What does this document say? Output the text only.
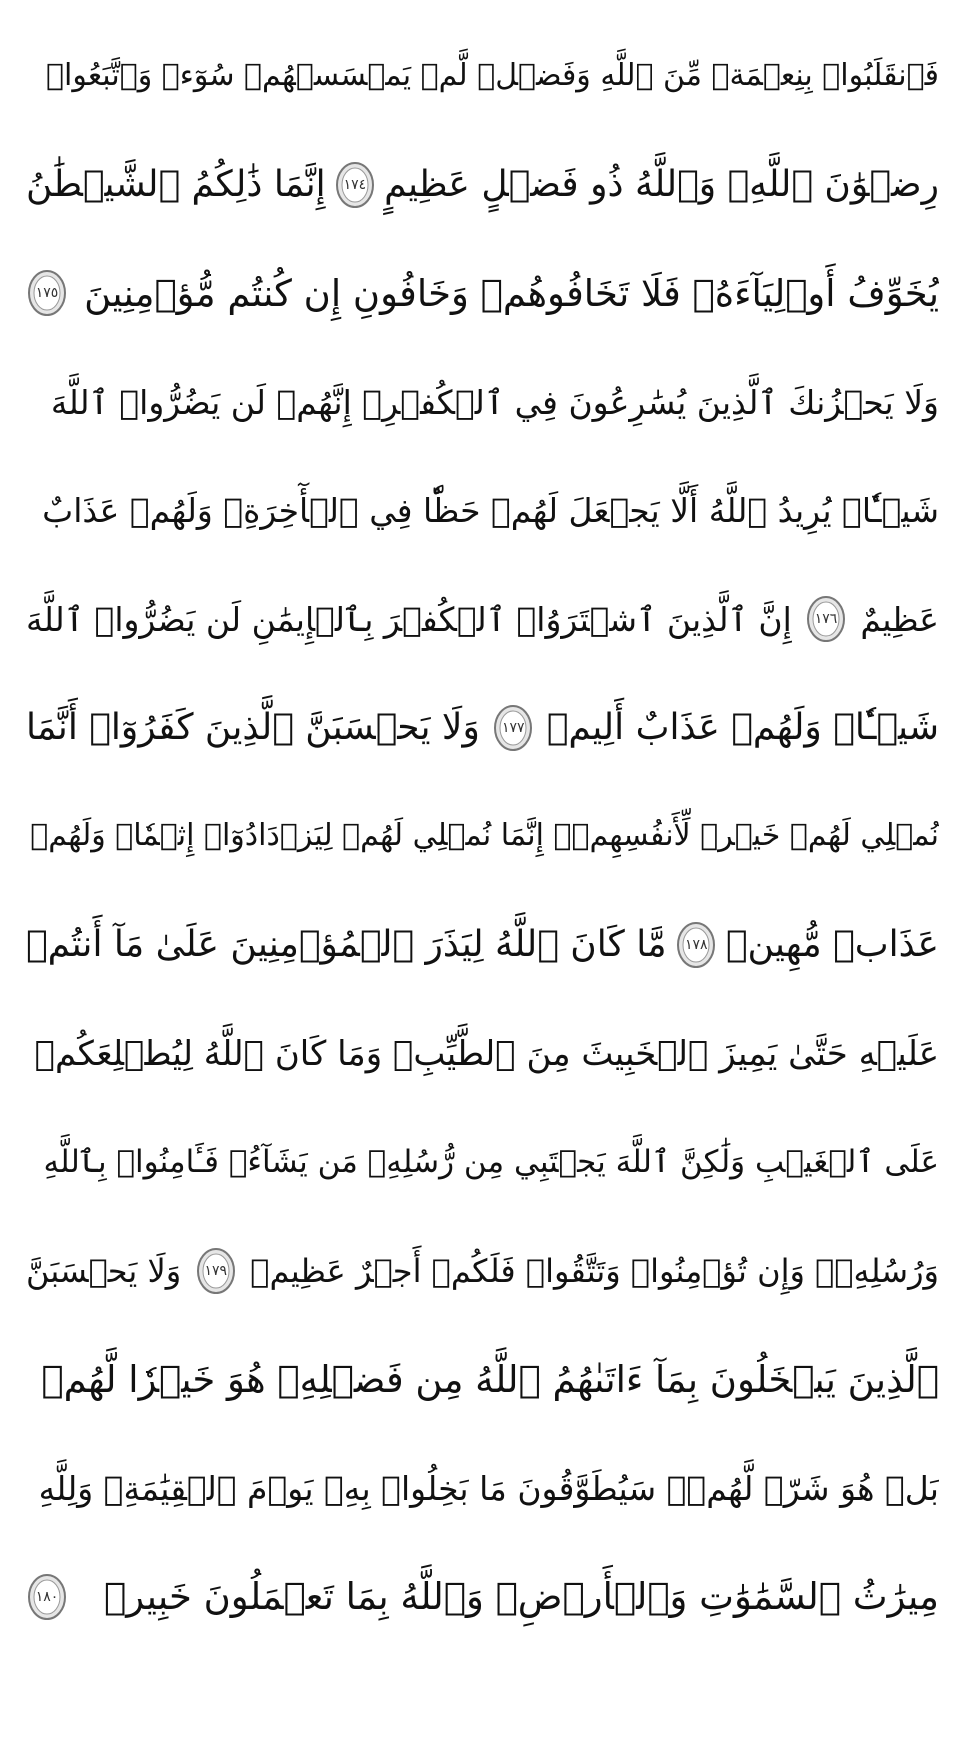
فَٱنقَلَبُوا۟ بِنِعۡمَةٖ مِّنَ ٱللَّهِ وَفَضۡلٖ لَّمۡ يَمۡسَسۡهُمۡ سُوٓءٞ وَٱتَّبَعُوا۟
رِضۡوَٰنَ ٱللَّهِۗ وَٱللَّهُ ذُو فَضۡلٍ عَظِيمٍ
١٧٤
إِنَّمَا ذَٰلِكُمُ ٱلشَّيۡطَٰنُ
يُخَوِّفُ أَوۡلِيَآءَهُۥ فَلَا تَخَافُوهُمۡ وَخَافُونِ إِن كُنتُم مُّؤۡمِنِينَ
١٧٥
وَلَا يَحۡزُنكَ ٱلَّذِينَ يُسَٰرِعُونَ فِي ٱلۡكُفۡرِۚ إِنَّهُمۡ لَن يَضُرُّوا۟ ٱللَّهَ
شَيۡـٔٗاۗ يُرِيدُ ٱللَّهُ أَلَّا يَجۡعَلَ لَهُمۡ حَظّٗا فِي ٱلۡأٓخِرَةِۖ وَلَهُمۡ عَذَابٌ
عَظِيمٌ
١٧٦
إِنَّ ٱلَّذِينَ ٱشۡتَرَوُا۟ ٱلۡكُفۡرَ بِٱلۡإِيمَٰنِ لَن يَضُرُّوا۟ ٱللَّهَ
شَيۡـٔٗاۖ وَلَهُمۡ عَذَابٌ أَلِيمٞ
١٧٧
وَلَا يَحۡسَبَنَّ ٱلَّذِينَ كَفَرُوٓا۟ أَنَّمَا
نُمۡلِي لَهُمۡ خَيۡرٞ لِّأَنفُسِهِمۡۚ إِنَّمَا نُمۡلِي لَهُمۡ لِيَزۡدَادُوٓا۟ إِثۡمٗاۖ وَلَهُمۡ
عَذَابٞ مُّهِينٞ
١٧٨
مَّا كَانَ ٱللَّهُ لِيَذَرَ ٱلۡمُؤۡمِنِينَ عَلَىٰ مَآ أَنتُمۡ
عَلَيۡهِ حَتَّىٰ يَمِيزَ ٱلۡخَبِيثَ مِنَ ٱلطَّيِّبِۗ وَمَا كَانَ ٱللَّهُ لِيُطۡلِعَكُمۡ
عَلَى ٱلۡغَيۡبِ وَلَٰكِنَّ ٱللَّهَ يَجۡتَبِي مِن رُّسُلِهِۦ مَن يَشَآءُۖ فَـَٔامِنُوا۟ بِٱللَّهِ
وَرُسُلِهِۦۚ وَإِن تُؤۡمِنُوا۟ وَتَتَّقُوا۟ فَلَكُمۡ أَجۡرٌ عَظِيمٞ
١٧٩
وَلَا يَحۡسَبَنَّ
ٱلَّذِينَ يَبۡخَلُونَ بِمَآ ءَاتَىٰهُمُ ٱللَّهُ مِن فَضۡلِهِۦ هُوَ خَيۡرٗا لَّهُمۖ
بَلۡ هُوَ شَرّٞ لَّهُمۡۖ سَيُطَوَّقُونَ مَا بَخِلُوا۟ بِهِۦ يَوۡمَ ٱلۡقِيَٰمَةِۗ وَلِلَّهِ
مِيرَٰثُ ٱلسَّمَٰوَٰتِ وَٱلۡأَرۡضِۗ وَٱللَّهُ بِمَا تَعۡمَلُونَ خَبِيرٞ
١٨٠
